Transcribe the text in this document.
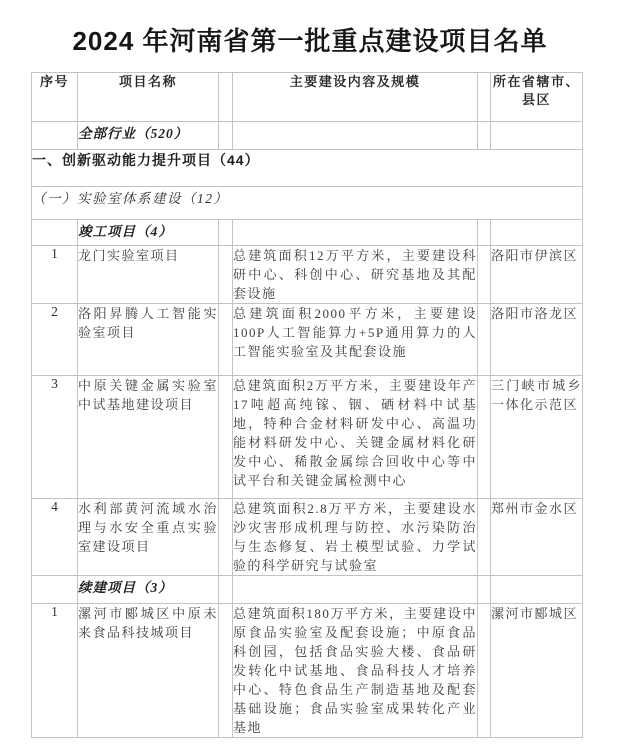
2024 年河南省第一批重点建设项目名单
序号	项目名称		主要建设内容及规模		所在省辖市、县区
	全部行业（520）				
一、创新驱动能力提升项目（44）					
（一）实验室体系建设（12）					
	竣工项目（4）				
1	龙门实验室项目		总建筑面积12万平方米，主要建设科研中心、科创中心、研究基地及其配套设施		洛阳市伊滨区
2	洛阳昇腾人工智能实验室项目		总建筑面积2000平方米，主要建设100P人工智能算力+5P通用算力的人工智能实验室及其配套设施		洛阳市洛龙区
3	中原关键金属实验室中试基地建设项目		总建筑面积2万平方米，主要建设年产17吨超高纯镓、铟、硒材料中试基地，特种合金材料研发中心、高温功能材料研发中心、关键金属材料化研发中心、稀散金属综合回收中心等中试平台和关键金属检测中心		三门峡市城乡一体化示范区
4	水利部黄河流域水治理与水安全重点实验室建设项目		总建筑面积2.8万平方米，主要建设水沙灾害形成机理与防控、水污染防治与生态修复、岩土模型试验、力学试验的科学研究与试验室		郑州市金水区
	续建项目（3）				
1	漯河市郾城区中原未来食品科技城项目		总建筑面积180万平方米，主要建设中原食品实验室及配套设施；中原食品科创园，包括食品实验大楼、食品研发转化中试基地、食品科技人才培养中心、特色食品生产制造基地及配套基础设施；食品实验室成果转化产业基地		漯河市郾城区
